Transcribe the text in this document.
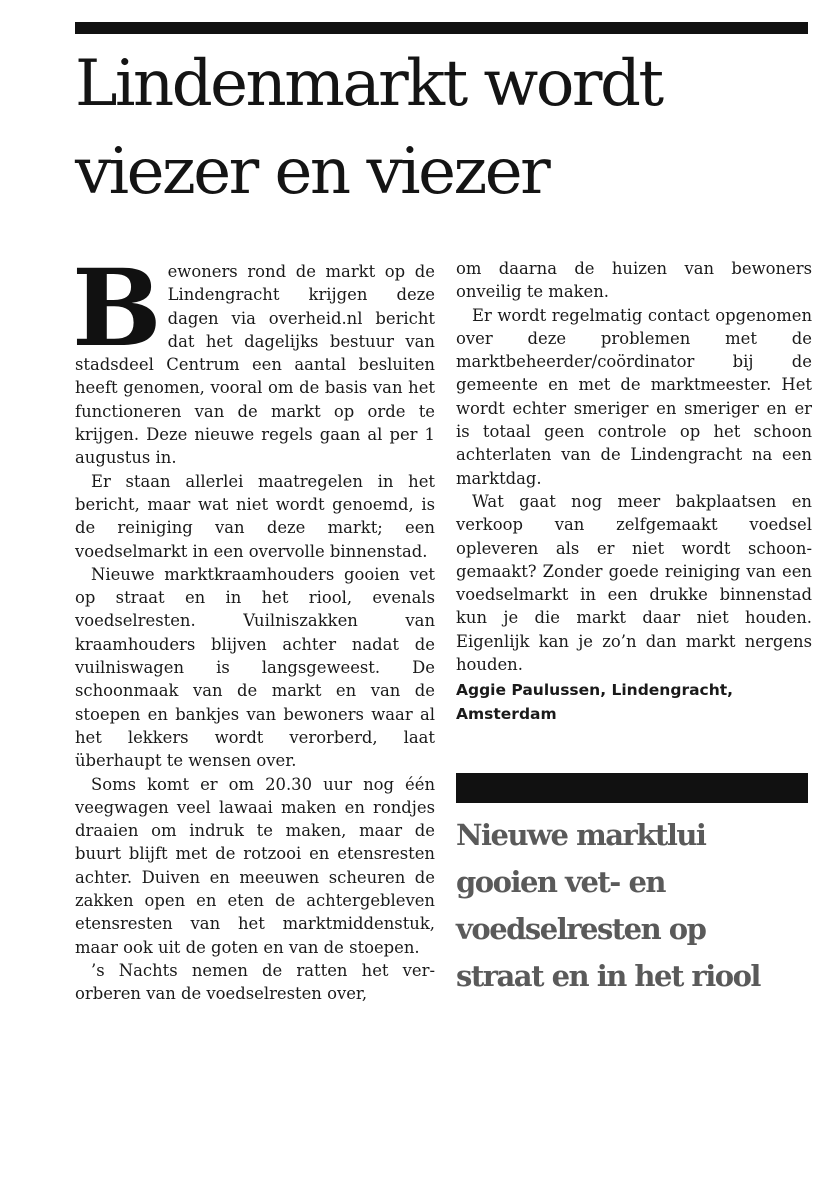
Lindenmarkt wordt
viezer en viezer

Bewoners rond de markt op de Lindengracht krijgen deze dagen via overheid.nl bericht dat het dagelijks bestuur van stadsdeel Centrum een aantal besluiten heeft genomen, vooral om de basis van het functioneren van de markt op orde te krijgen. Deze nieuwe regels gaan al per 1 augustus in.

Er staan allerlei maatregelen in het bericht, maar wat niet wordt genoemd, is de reiniging van deze markt; een voedselmarkt in een overvolle binnenstad.

Nieuwe marktkraamhouders gooien vet op straat en in het riool, evenals voedselresten. Vuilniszakken van kraamhouders blijven achter nadat de vuilniswagen is langsgeweest. De schoonmaak van de markt en van de stoepen en bankjes van bewoners waar al het lekkers wordt verorberd, laat überhaupt te wensen over.

Soms komt er om 20.30 uur nog één veegwagen veel lawaai maken en rondjes draaien om indruk te maken, maar de buurt blijft met de rotzooi en etensresten achter. Duiven en meeuwen scheuren de zakken open en eten de achtergebleven etensresten van het marktmiddenstuk, maar ook uit de goten en van de stoepen.

’s Nachts nemen de ratten het verorberen van de voedselresten over,

om daarna de huizen van bewoners onveilig te maken.

Er wordt regelmatig contact opgenomen over deze problemen met de marktbeheerder/coördinator bij de gemeente en met de marktmeester. Het wordt echter smeriger en smeriger en er is totaal geen controle op het schoon achterlaten van de Lindengracht na een marktdag.

Wat gaat nog meer bakplaatsen en verkoop van zelfgemaakt voedsel opleveren als er niet wordt schoongemaakt? Zonder goede reiniging van een voedselmarkt in een drukke binnenstad kun je die markt daar niet houden. Eigenlijk kan je zo’n dan markt nergens houden.

Aggie Paulussen, Lindengracht,
Amsterdam
Nieuwe marktlui
gooien vet- en
voedselresten op
straat en in het riool
